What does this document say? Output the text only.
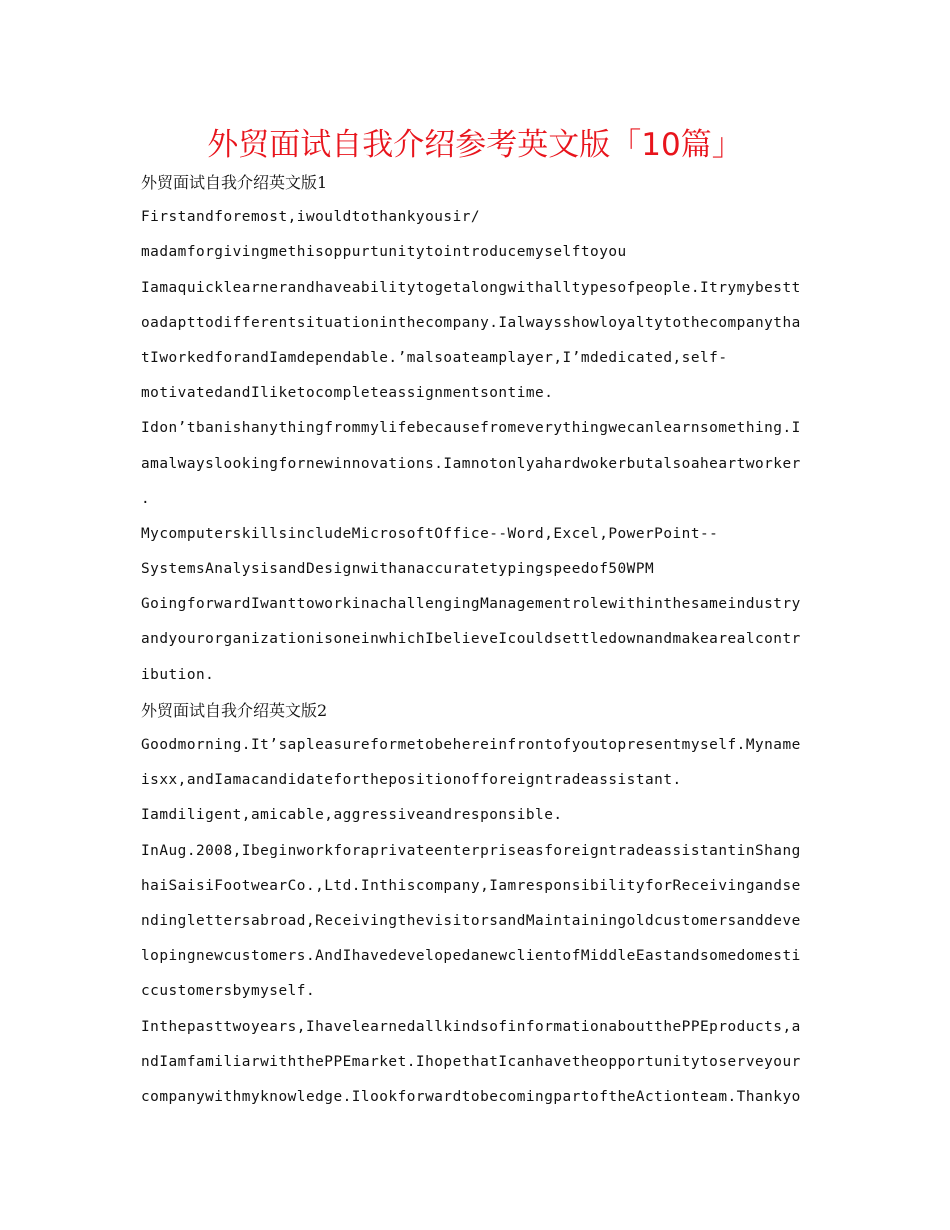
外贸面试自我介绍参考英文版「10篇」
外贸面试自我介绍英文版1
Firstandforemost,iwouldtothankyousir/
madamforgivingmethisoppurtunitytointroducemyselftoyou
Iamaquicklearnerandhaveabilitytogetalongwithalltypesofpeople.Itrymybestt
oadapttodifferentsituationinthecompany.Ialwaysshowloyaltytothecompanytha
tIworkedforandIamdependable.’malsoateamplayer,I’mdedicated,self-
motivatedandIliketocompleteassignmentsontime.
Idon’tbanishanythingfrommylifebecausefromeverythingwecanlearnsomething.I
amalwayslookingfornewinnovations.Iamnotonlyahardwokerbutalsoaheartworker
.
MycomputerskillsincludeMicrosoftOffice--Word,Excel,PowerPoint--
SystemsAnalysisandDesignwithanaccuratetypingspeedof50WPM
GoingforwardIwanttoworkinachallengingManagementrolewithinthesameindustry
andyourorganizationisoneinwhichIbelieveIcouldsettledownandmakearealcontr
ibution.
外贸面试自我介绍英文版2
Goodmorning.It’sapleasureformetobehereinfrontofyoutopresentmyself.Myname
isxx,andIamacandidateforthepositionofforeigntradeassistant.
Iamdiligent,amicable,aggressiveandresponsible.
InAug.2008,IbeginworkforaprivateenterpriseasforeigntradeassistantinShang
haiSaisiFootwearCo.,Ltd.Inthiscompany,IamresponsibilityforReceivingandse
ndinglettersabroad,ReceivingthevisitorsandMaintainingoldcustomersanddeve
lopingnewcustomers.AndIhavedevelopedanewclientofMiddleEastandsomedomesti
ccustomersbymyself.
Inthepasttwoyears,IhavelearnedallkindsofinformationaboutthePPEproducts,a
ndIamfamiliarwiththePPEmarket.IhopethatIcanhavetheopportunitytoserveyour
companywithmyknowledge.IlookforwardtobecomingpartoftheActionteam.Thankyo
